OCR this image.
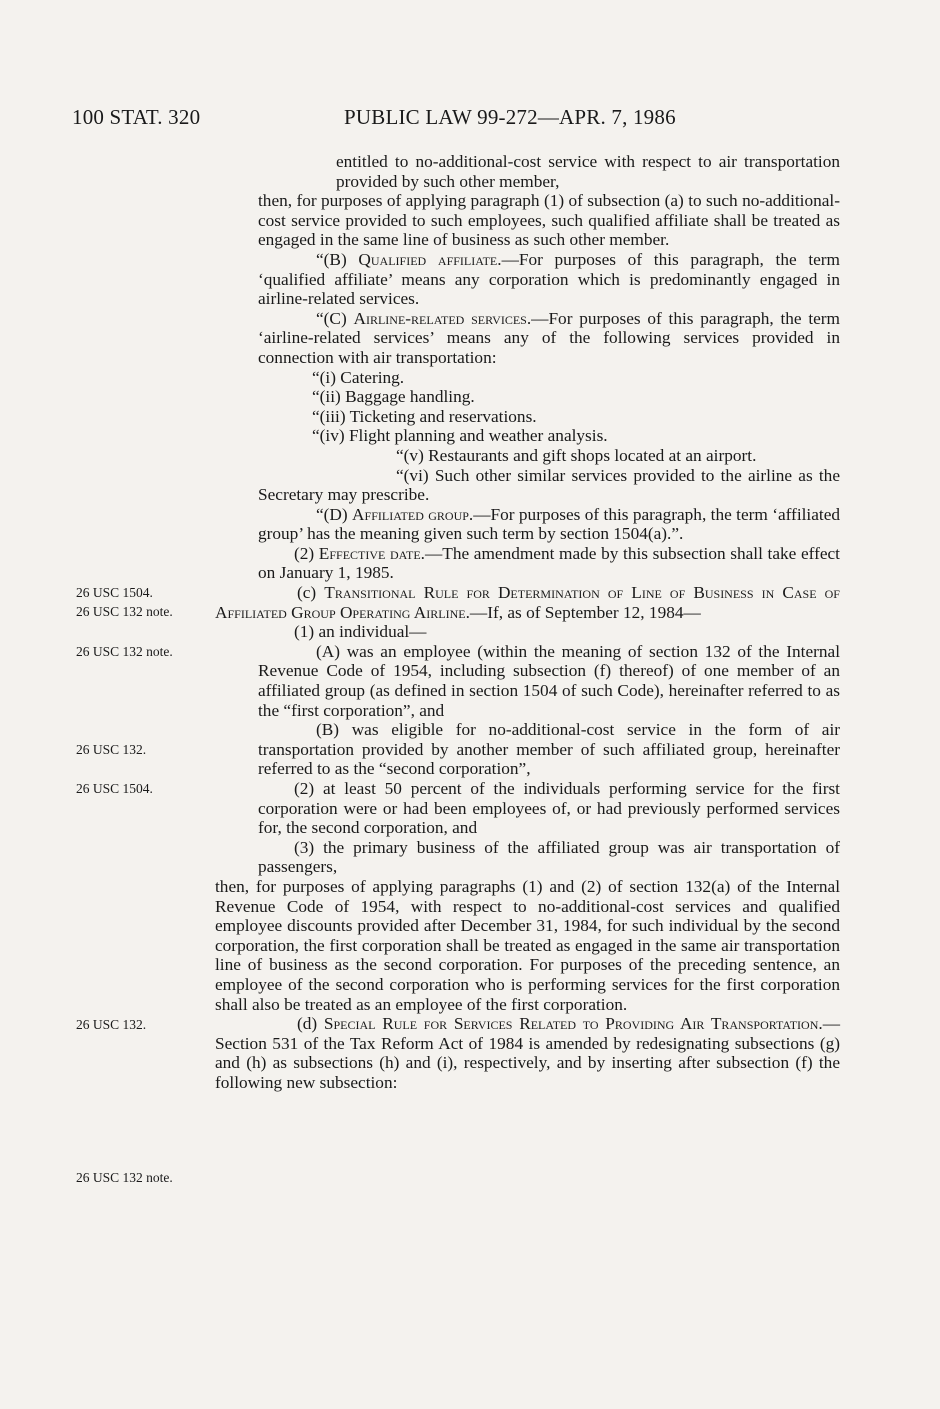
100 STAT. 320	PUBLIC LAW 99-272—APR. 7, 1986
26 USC 1504.
26 USC 132 note.
26 USC 132 note.
26 USC 132.
26 USC 1504.
26 USC 132.
26 USC 132 note.

entitled to no-additional-cost service with respect to air transportation provided by such other member,

then, for purposes of applying paragraph (1) of subsection (a) to such no-additional-cost service provided to such employees, such qualified affiliate shall be treated as engaged in the same line of business as such other member.

“(B) Qualified affiliate.—For purposes of this paragraph, the term ‘qualified affiliate’ means any corporation which is predominantly engaged in airline-related services.

“(C) Airline-related services.—For purposes of this paragraph, the term ‘airline-related services’ means any of the following services provided in connection with air transportation:

“(i) Catering.

“(ii) Baggage handling.

“(iii) Ticketing and reservations.

“(iv) Flight planning and weather analysis.

“(v) Restaurants and gift shops located at an airport.

“(vi) Such other similar services provided to the airline as the Secretary may prescribe.

“(D) Affiliated group.—For purposes of this paragraph, the term ‘affiliated group’ has the meaning given such term by section 1504(a).”.

(2) Effective date.—The amendment made by this subsection shall take effect on January 1, 1985.

(c) Transitional Rule for Determination of Line of Business in Case of Affiliated Group Operating Airline.—If, as of September 12, 1984—

(1) an individual—

(A) was an employee (within the meaning of section 132 of the Internal Revenue Code of 1954, including subsection (f) thereof) of one member of an affiliated group (as defined in section 1504 of such Code), hereinafter referred to as the “first corporation”, and

(B) was eligible for no-additional-cost service in the form of air transportation provided by another member of such affiliated group, hereinafter referred to as the “second corporation”,

(2) at least 50 percent of the individuals performing service for the first corporation were or had been employees of, or had previously performed services for, the second corporation, and

(3) the primary business of the affiliated group was air transportation of passengers,

then, for purposes of applying paragraphs (1) and (2) of section 132(a) of the Internal Revenue Code of 1954, with respect to no-additional-cost services and qualified employee discounts provided after December 31, 1984, for such individual by the second corporation, the first corporation shall be treated as engaged in the same air transportation line of business as the second corporation. For purposes of the preceding sentence, an employee of the second corporation who is performing services for the first corporation shall also be treated as an employee of the first corporation.

(d) Special Rule for Services Related to Providing Air Transportation.—Section 531 of the Tax Reform Act of 1984 is amended by redesignating subsections (g) and (h) as subsections (h) and (i), respectively, and by inserting after subsection (f) the following new subsection:
